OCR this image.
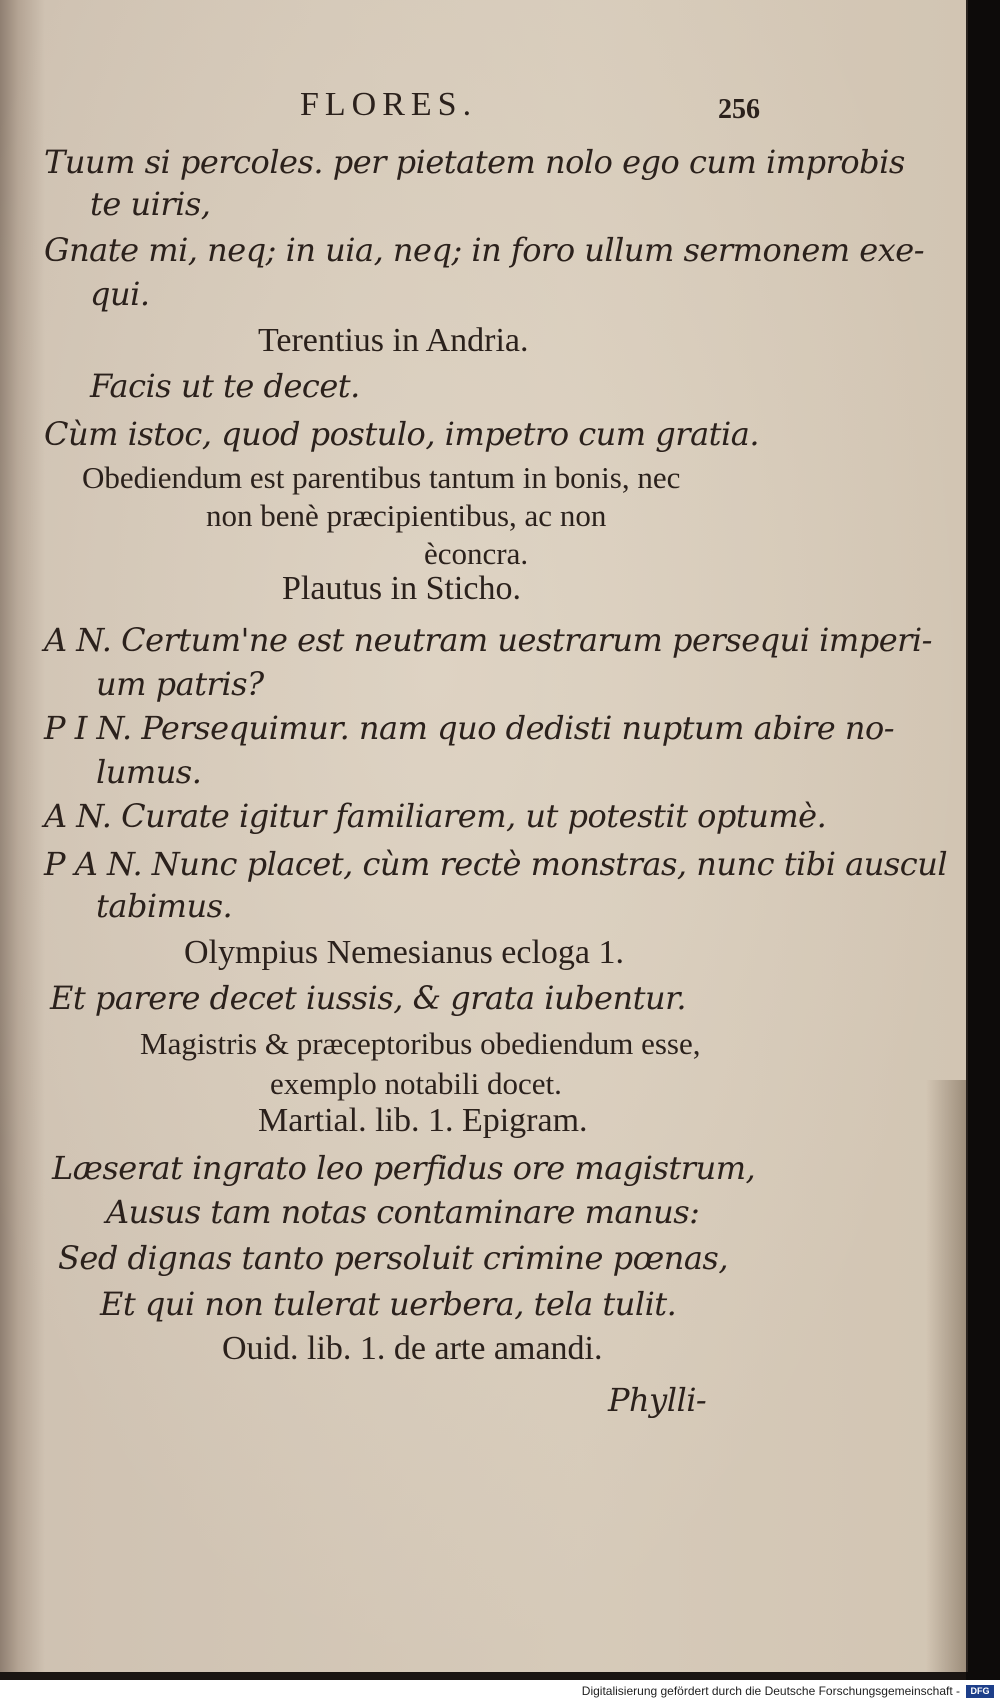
FLORES.	256
Tuum si percoles. per pietatem nolo ego cum improbis
te uiris,
Gnate mi, neq; in uia, neq; in foro ullum sermonem exe-
qui.
Terentius in Andria.
Facis ut te decet.
Cùm istoc, quod postulo, impetro cum gratia.
Obediendum est parentibus tantum in bonis, nec
non benè præcipientibus, ac non
èconcra.
Plautus in Sticho.
A N. Certum'ne est neutram uestrarum persequi imperi-
um patris?
P I N. Persequimur. nam quo dedisti nuptum abire no-
lumus.
A N. Curate igitur familiarem, ut potestit optumè.
P A N. Nunc placet, cùm rectè monstras, nunc tibi auscul
tabimus.
Olympius Nemesianus ecloga 1.
Et parere decet iussis, & grata iubentur.
Magistris & præceptoribus obediendum esse,
exemplo notabili docet.
Martial. lib. 1. Epigram.
Læserat ingrato leo perfidus ore magistrum,
Ausus tam notas contaminare manus:
Sed dignas tanto persoluit crimine pœnas,
Et qui non tulerat uerbera, tela tulit.
Ouid. lib. 1. de arte amandi.
Phylli-
Digitalisierung gefördert durch die Deutsche Forschungsgemeinschaft -	DFG
